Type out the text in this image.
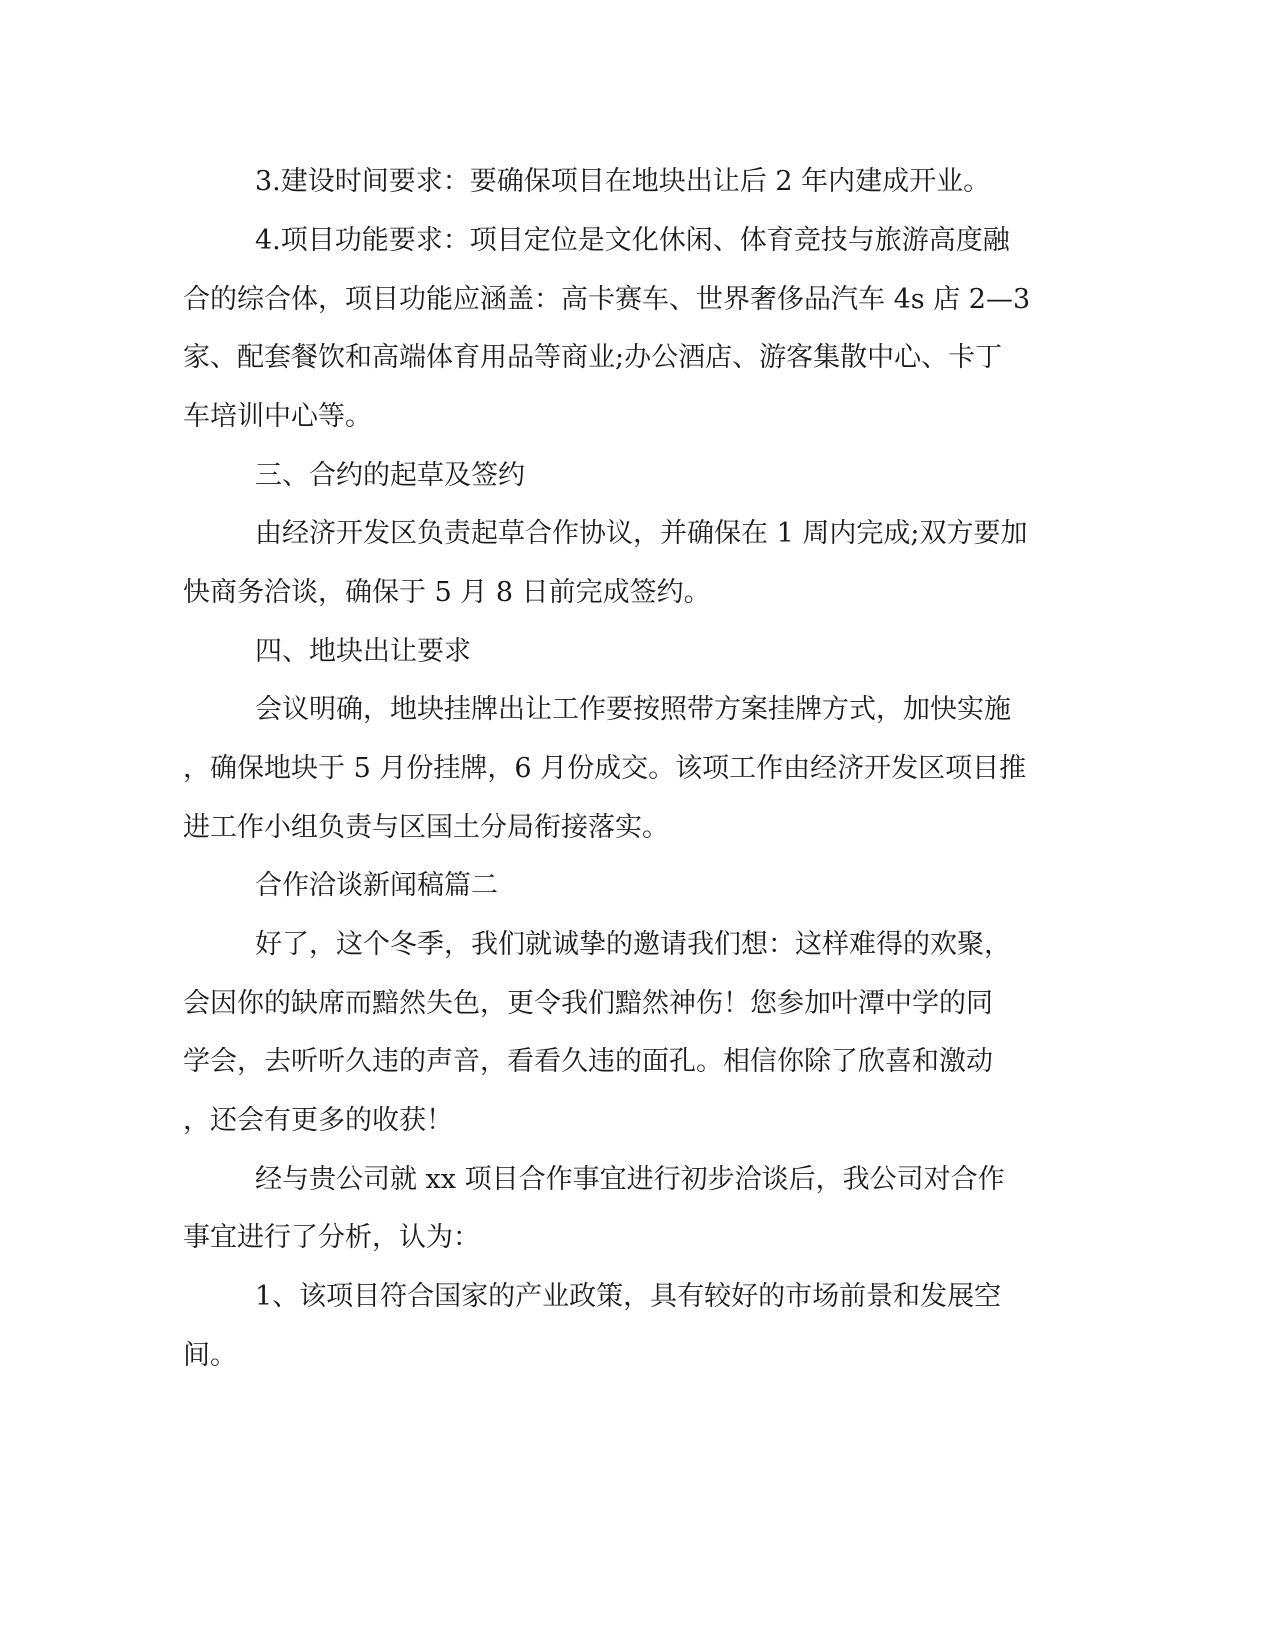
3.建设时间要求：要确保项目在地块出让后 2 年内建成开业。
4.项目功能要求：项目定位是文化休闲、体育竞技与旅游高度融
合的综合体，项目功能应涵盖：高卡赛车、世界奢侈品汽车 4s 店 2—3
家、配套餐饮和高端体育用品等商业;办公酒店、游客集散中心、卡丁
车培训中心等。
三、合约的起草及签约
由经济开发区负责起草合作协议，并确保在 1 周内完成;双方要加
快商务洽谈，确保于 5 月 8 日前完成签约。
四、地块出让要求
会议明确，地块挂牌出让工作要按照带方案挂牌方式，加快实施
，确保地块于 5 月份挂牌，6 月份成交。该项工作由经济开发区项目推
进工作小组负责与区国土分局衔接落实。
合作洽谈新闻稿篇二
好了，这个冬季，我们就诚挚的邀请我们想：这样难得的欢聚，
会因你的缺席而黯然失色，更令我们黯然神伤！您参加叶潭中学的同
学会，去听听久违的声音，看看久违的面孔。相信你除了欣喜和激动
，还会有更多的收获！
经与贵公司就 xx 项目合作事宜进行初步洽谈后，我公司对合作
事宜进行了分析，认为：
1、该项目符合国家的产业政策，具有较好的市场前景和发展空
间。
